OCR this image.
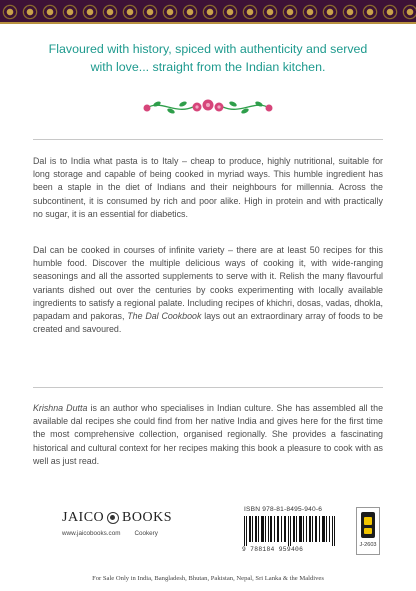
Flavoured with history, spiced with authenticity and served with love... straight from the Indian kitchen.

Dal is to India what pasta is to Italy – cheap to produce, highly nutritional, suitable for long storage and capable of being cooked in myriad ways. This humble ingredient has been a staple in the diet of Indians and their neighbours for millennia. Across the subcontinent, it is consumed by rich and poor alike. High in protein and with practically no sugar, it is an essential for diabetics.

Dal can be cooked in courses of infinite variety – there are at least 50 recipes for this humble food. Discover the multiple delicious ways of cooking it, with wide-ranging seasonings and all the assorted supplements to serve with it. Relish the many flavourful variants dished out over the centuries by cooks experimenting with locally available ingredients to satisfy a regional palate. Including recipes of khichri, dosas, vadas, dhokla, papadam and pakoras, The Dal Cookbook lays out an extraordinary array of foods to be created and savoured.

Krishna Dutta is an author who specialises in Indian culture. She has assembled all the available dal recipes she could find from her native India and gives here for the first time the most comprehensive collection, organised regionally. She provides a fascinating historical and cultural context for her recipes making this book a pleasure to cook with as well as just read.

JAICO BOOKS
www.jaicobooks.com Cookery
ISBN 978-81-8495-940-6
9 788184 959406
J-2603
For Sale Only in India, Bangladesh, Bhutan, Pakistan, Nepal, Sri Lanka & the Maldives
